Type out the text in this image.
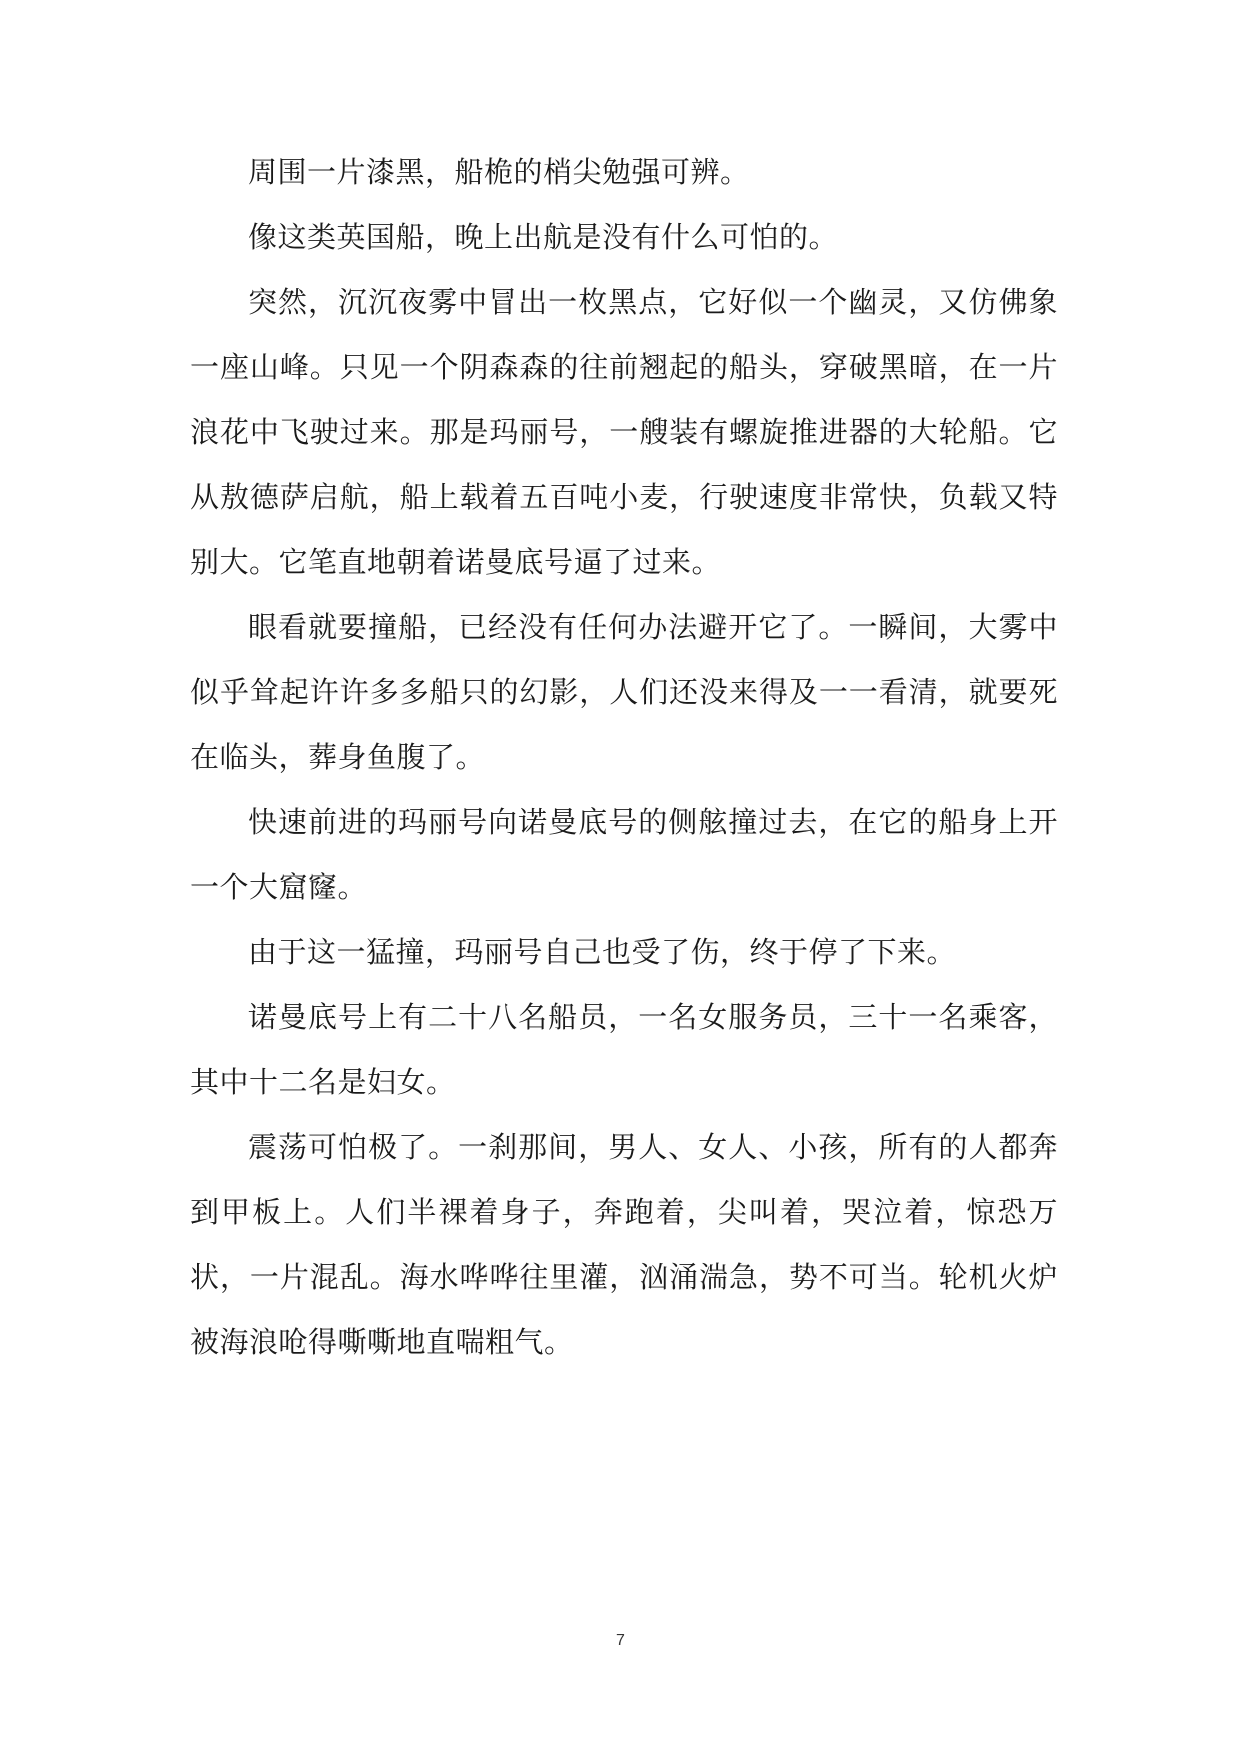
周围一片漆黑，船桅的梢尖勉强可辨。

像这类英国船，晚上出航是没有什么可怕的。

突然，沉沉夜雾中冒出一枚黑点，它好似一个幽灵，又仿佛象一座山峰。只见一个阴森森的往前翘起的船头，穿破黑暗，在一片浪花中飞驶过来。那是玛丽号，一艘装有螺旋推进器的大轮船。它从敖德萨启航，船上载着五百吨小麦，行驶速度非常快，负载又特别大。它笔直地朝着诺曼底号逼了过来。

眼看就要撞船，已经没有任何办法避开它了。一瞬间，大雾中似乎耸起许许多多船只的幻影，人们还没来得及一一看清，就要死在临头，葬身鱼腹了。

快速前进的玛丽号向诺曼底号的侧舷撞过去，在它的船身上开一个大窟窿。

由于这一猛撞，玛丽号自己也受了伤，终于停了下来。

诺曼底号上有二十八名船员，一名女服务员，三十一名乘客，其中十二名是妇女。

震荡可怕极了。一刹那间，男人、女人、小孩，所有的人都奔到甲板上。人们半裸着身子，奔跑着，尖叫着，哭泣着，惊恐万状，一片混乱。海水哗哗往里灌，汹涌湍急，势不可当。轮机火炉被海浪呛得嘶嘶地直喘粗气。

7
